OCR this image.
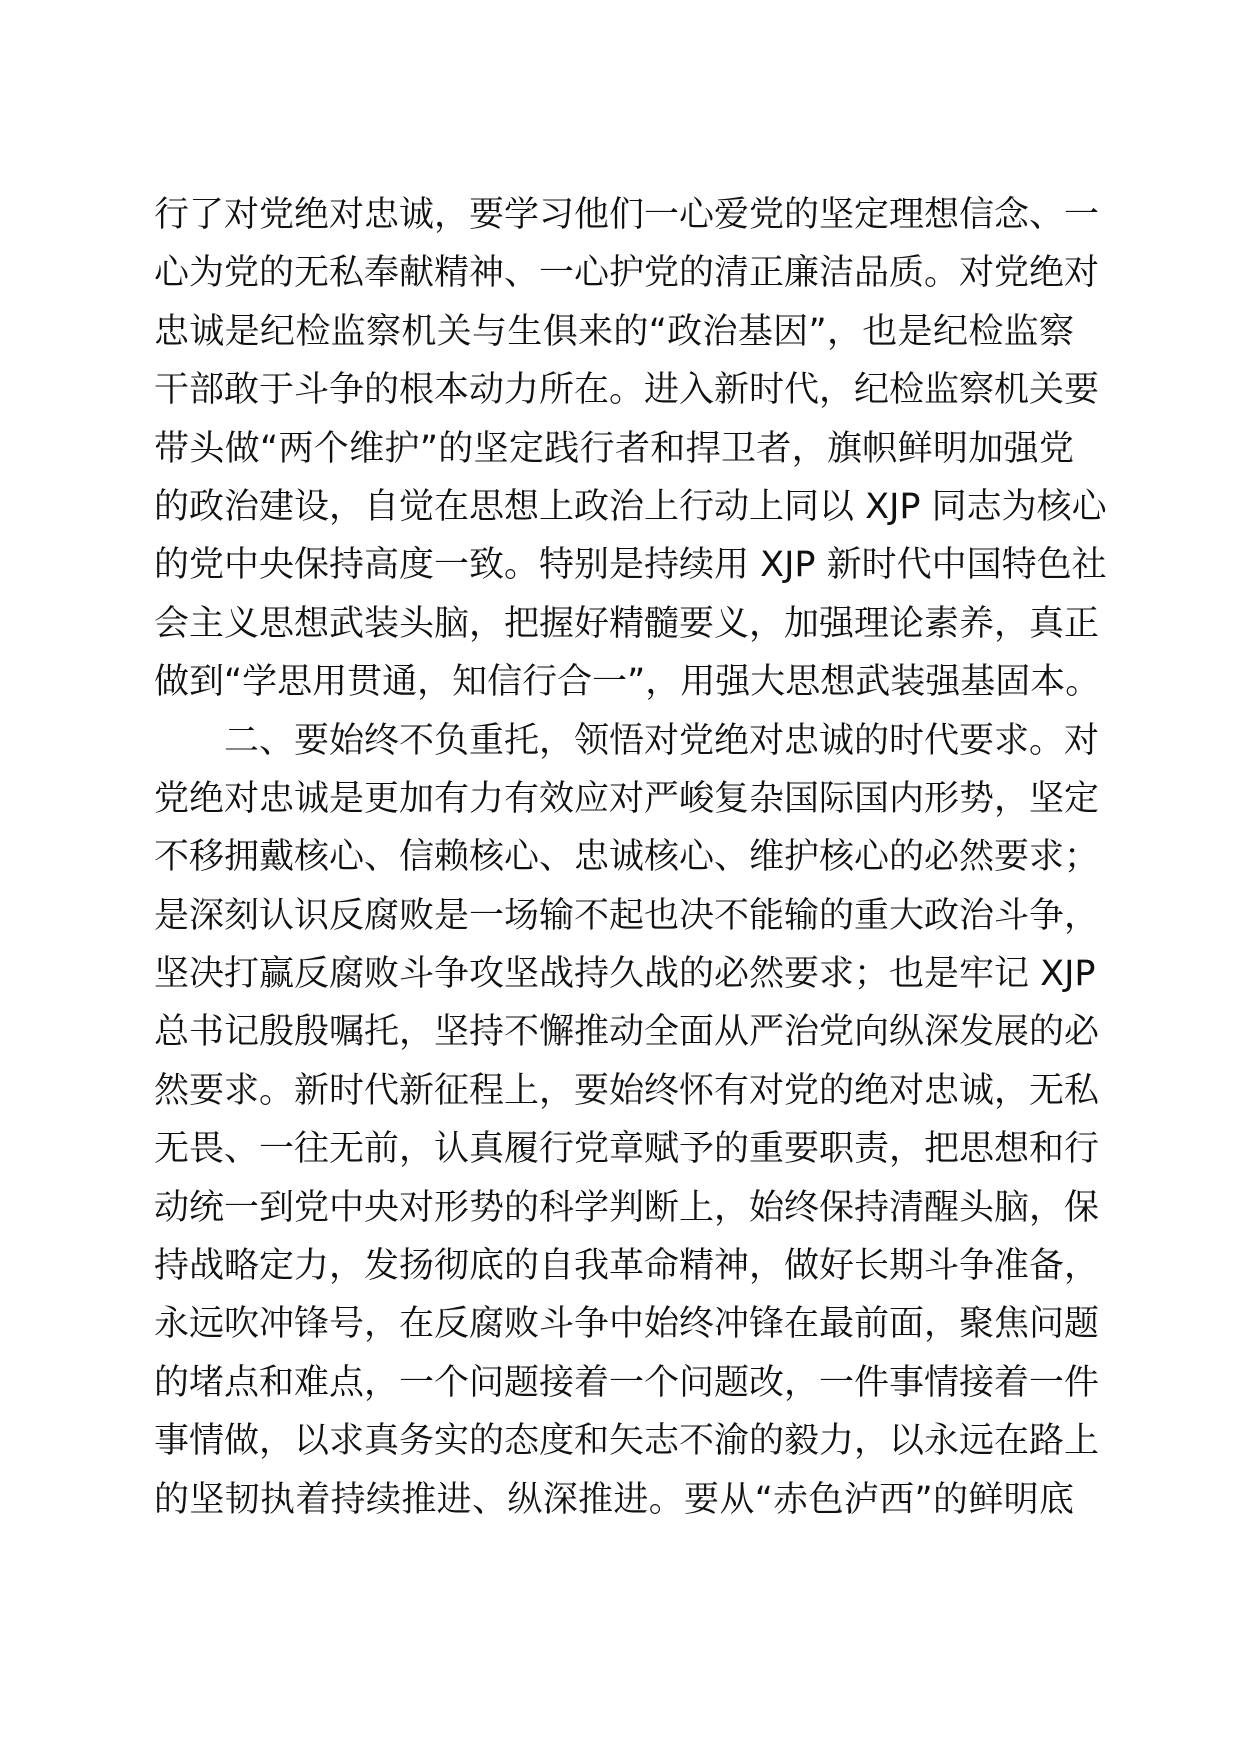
行了对党绝对忠诚，要学习他们一心爱党的坚定理想信念、一
心为党的无私奉献精神、一心护党的清正廉洁品质。对党绝对
忠诚是纪检监察机关与生俱来的“政治基因”，也是纪检监察
干部敢于斗争的根本动力所在。进入新时代，纪检监察机关要
带头做“两个维护”的坚定践行者和捍卫者，旗帜鲜明加强党
的政治建设，自觉在思想上政治上行动上同以 XJP 同志为核心
的党中央保持高度一致。特别是持续用 XJP 新时代中国特色社
会主义思想武装头脑，把握好精髓要义，加强理论素养，真正
做到“学思用贯通，知信行合一”，用强大思想武装强基固本。
二、要始终不负重托，领悟对党绝对忠诚的时代要求。对
党绝对忠诚是更加有力有效应对严峻复杂国际国内形势，坚定
不移拥戴核心、信赖核心、忠诚核心、维护核心的必然要求；
是深刻认识反腐败是一场输不起也决不能输的重大政治斗争，
坚决打赢反腐败斗争攻坚战持久战的必然要求；也是牢记 XJP
总书记殷殷嘱托，坚持不懈推动全面从严治党向纵深发展的必
然要求。新时代新征程上，要始终怀有对党的绝对忠诚，无私
无畏、一往无前，认真履行党章赋予的重要职责，把思想和行
动统一到党中央对形势的科学判断上，始终保持清醒头脑，保
持战略定力，发扬彻底的自我革命精神，做好长期斗争准备，
永远吹冲锋号，在反腐败斗争中始终冲锋在最前面，聚焦问题
的堵点和难点，一个问题接着一个问题改，一件事情接着一件
事情做，以求真务实的态度和矢志不渝的毅力，以永远在路上
的坚韧执着持续推进、纵深推进。要从“赤色泸西”的鲜明底
